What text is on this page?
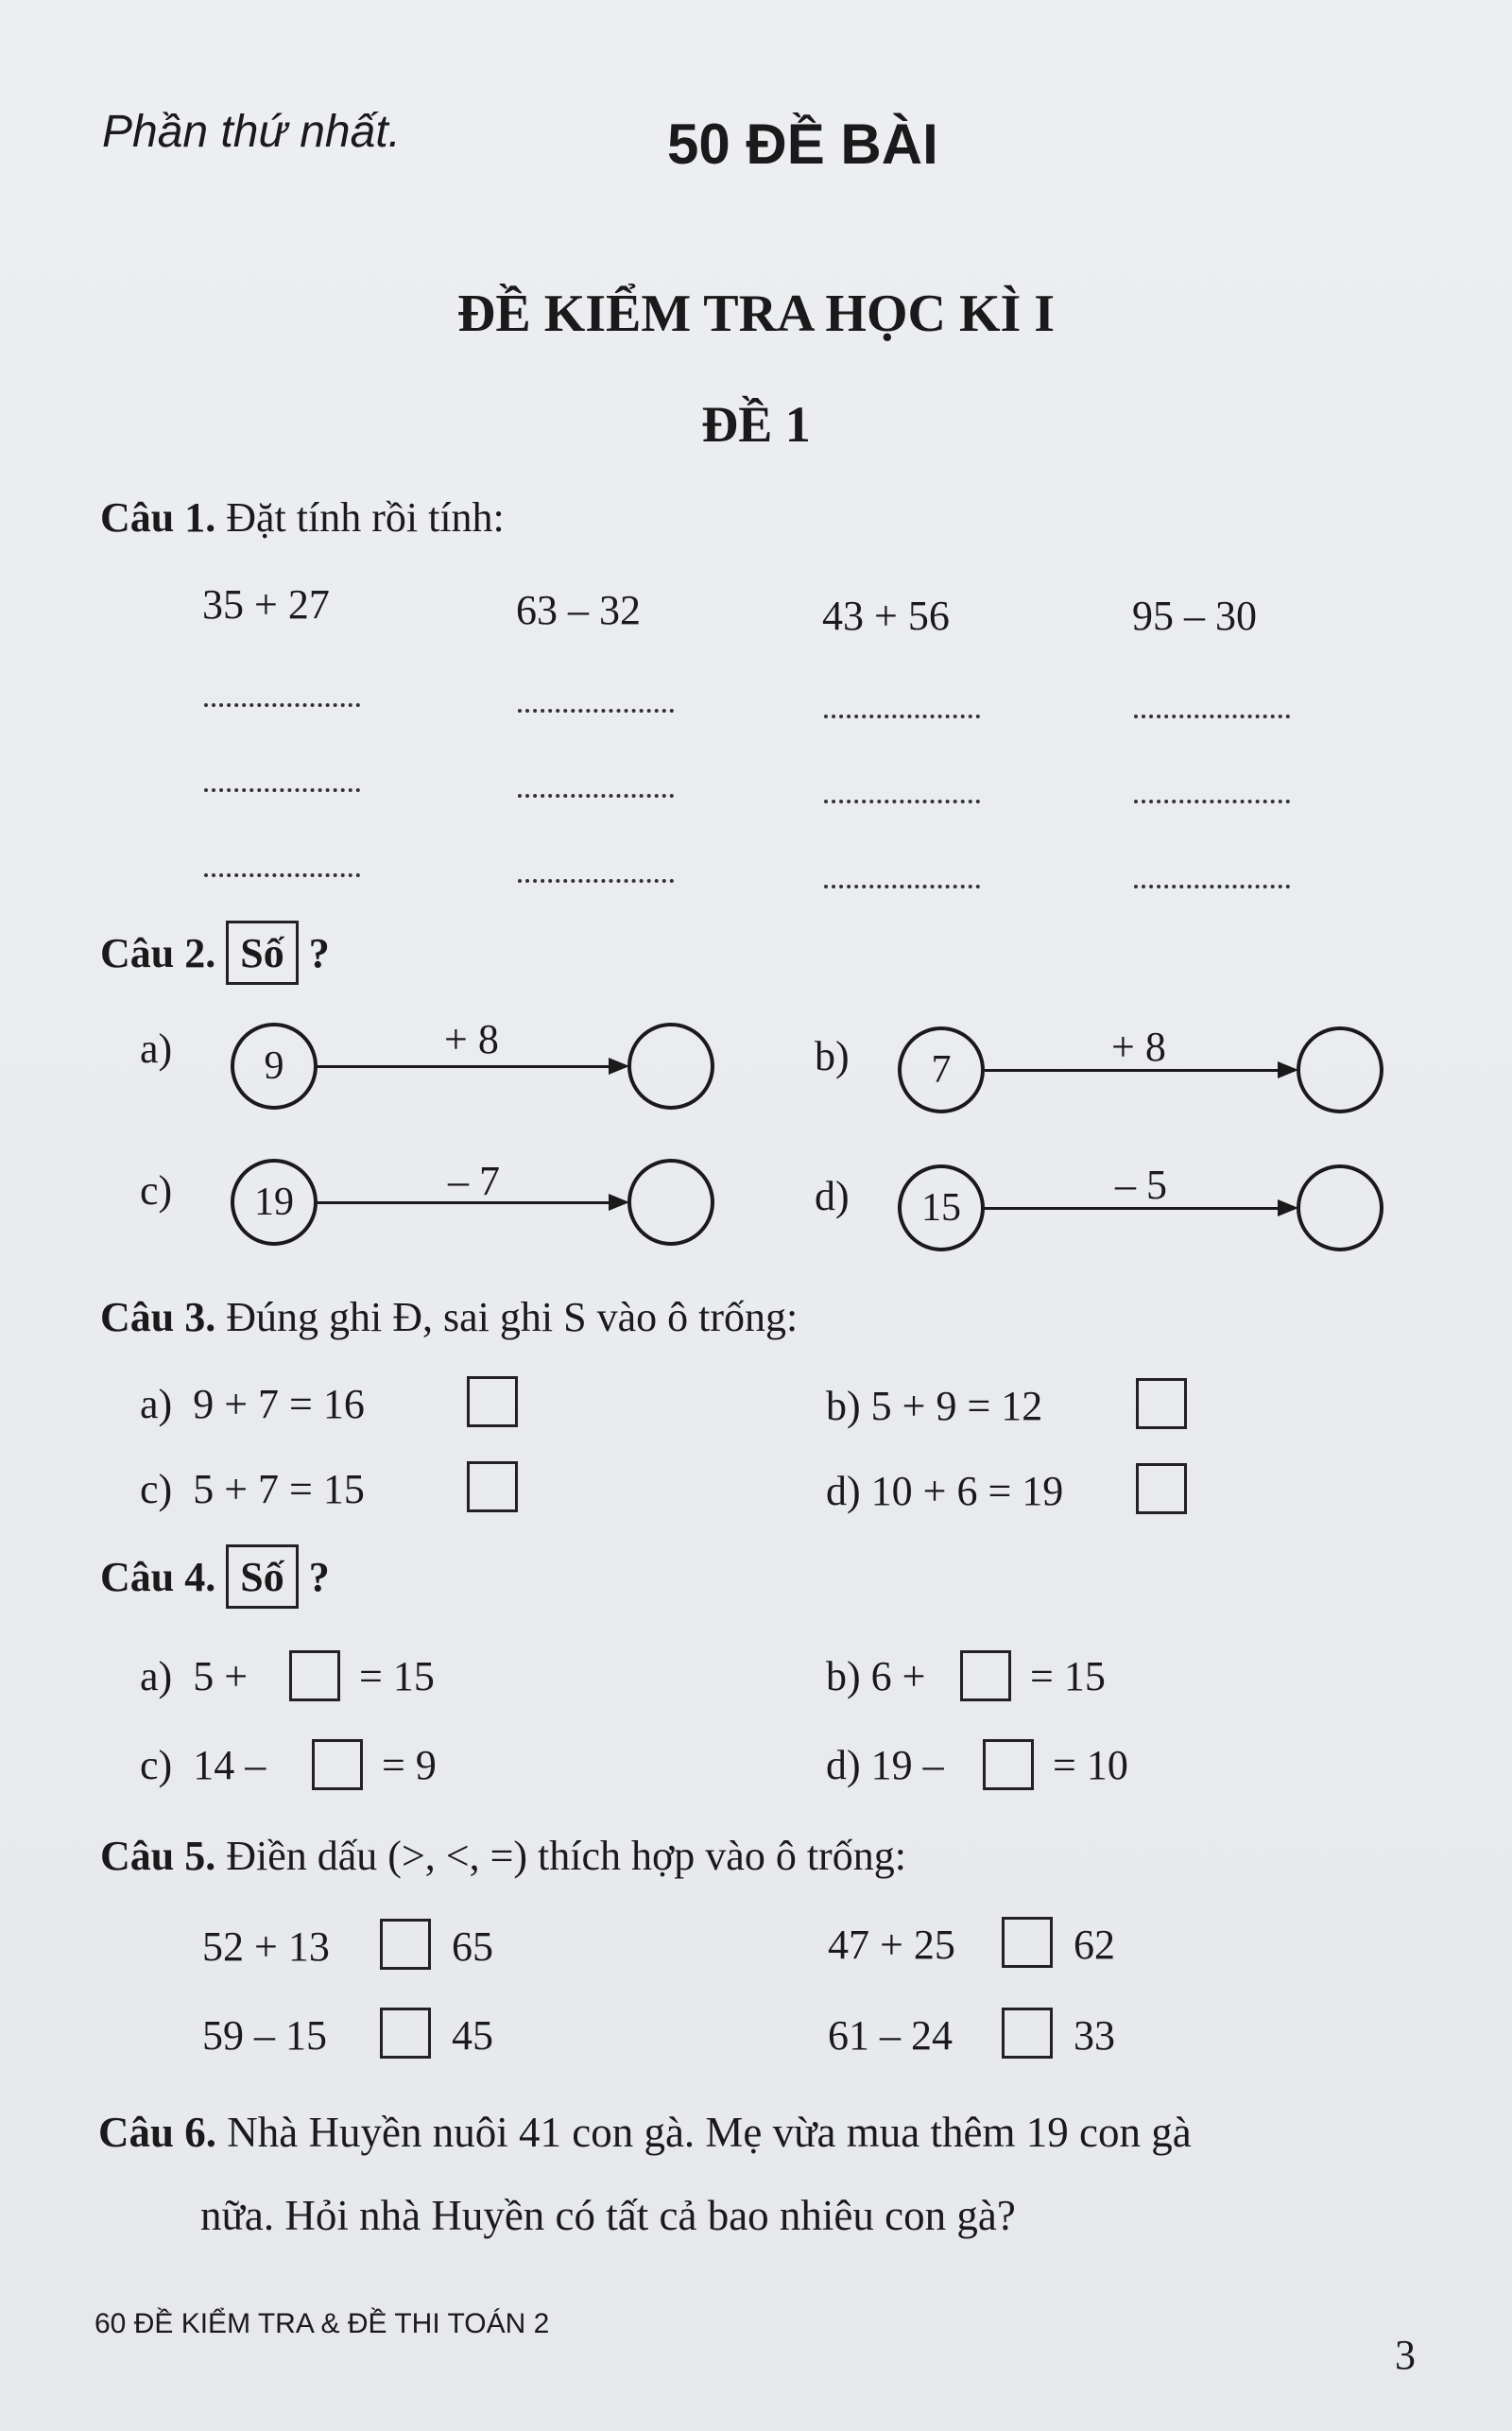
Phần thứ nhất.	50 ĐỀ BÀI
ĐỀ KIỂM TRA HỌC KÌ I
ĐỀ 1
Câu 1. Đặt tính rồi tính:
35 + 27	63 – 32	43 + 56	95 – 30
Câu 2. Số ?
a) 9
+ 8	b) 7	+ 8
c) 19	– 7	d) 15	– 5
Câu 3. Đúng ghi Đ, sai ghi S vào ô trống:
a) 9 + 7 = 16	b) 5 + 9 = 12
c) 5 + 7 = 15	d) 10 + 6 = 19
Câu 4. Số ?
a) 5 +	= 15	b) 6 +	= 15
c) 14 –	= 9	d) 19 –	= 10
Câu 5. Điền dấu (>, <, =) thích hợp vào ô trống:
52 + 13	65	47 + 25	62
59 – 15	45	61 – 24	33
Câu 6. Nhà Huyền nuôi 41 con gà. Mẹ vừa mua thêm 19 con gà
nữa. Hỏi nhà Huyền có tất cả bao nhiêu con gà?
60 ĐỀ KIỂM TRA & ĐỀ THI TOÁN 2
3
